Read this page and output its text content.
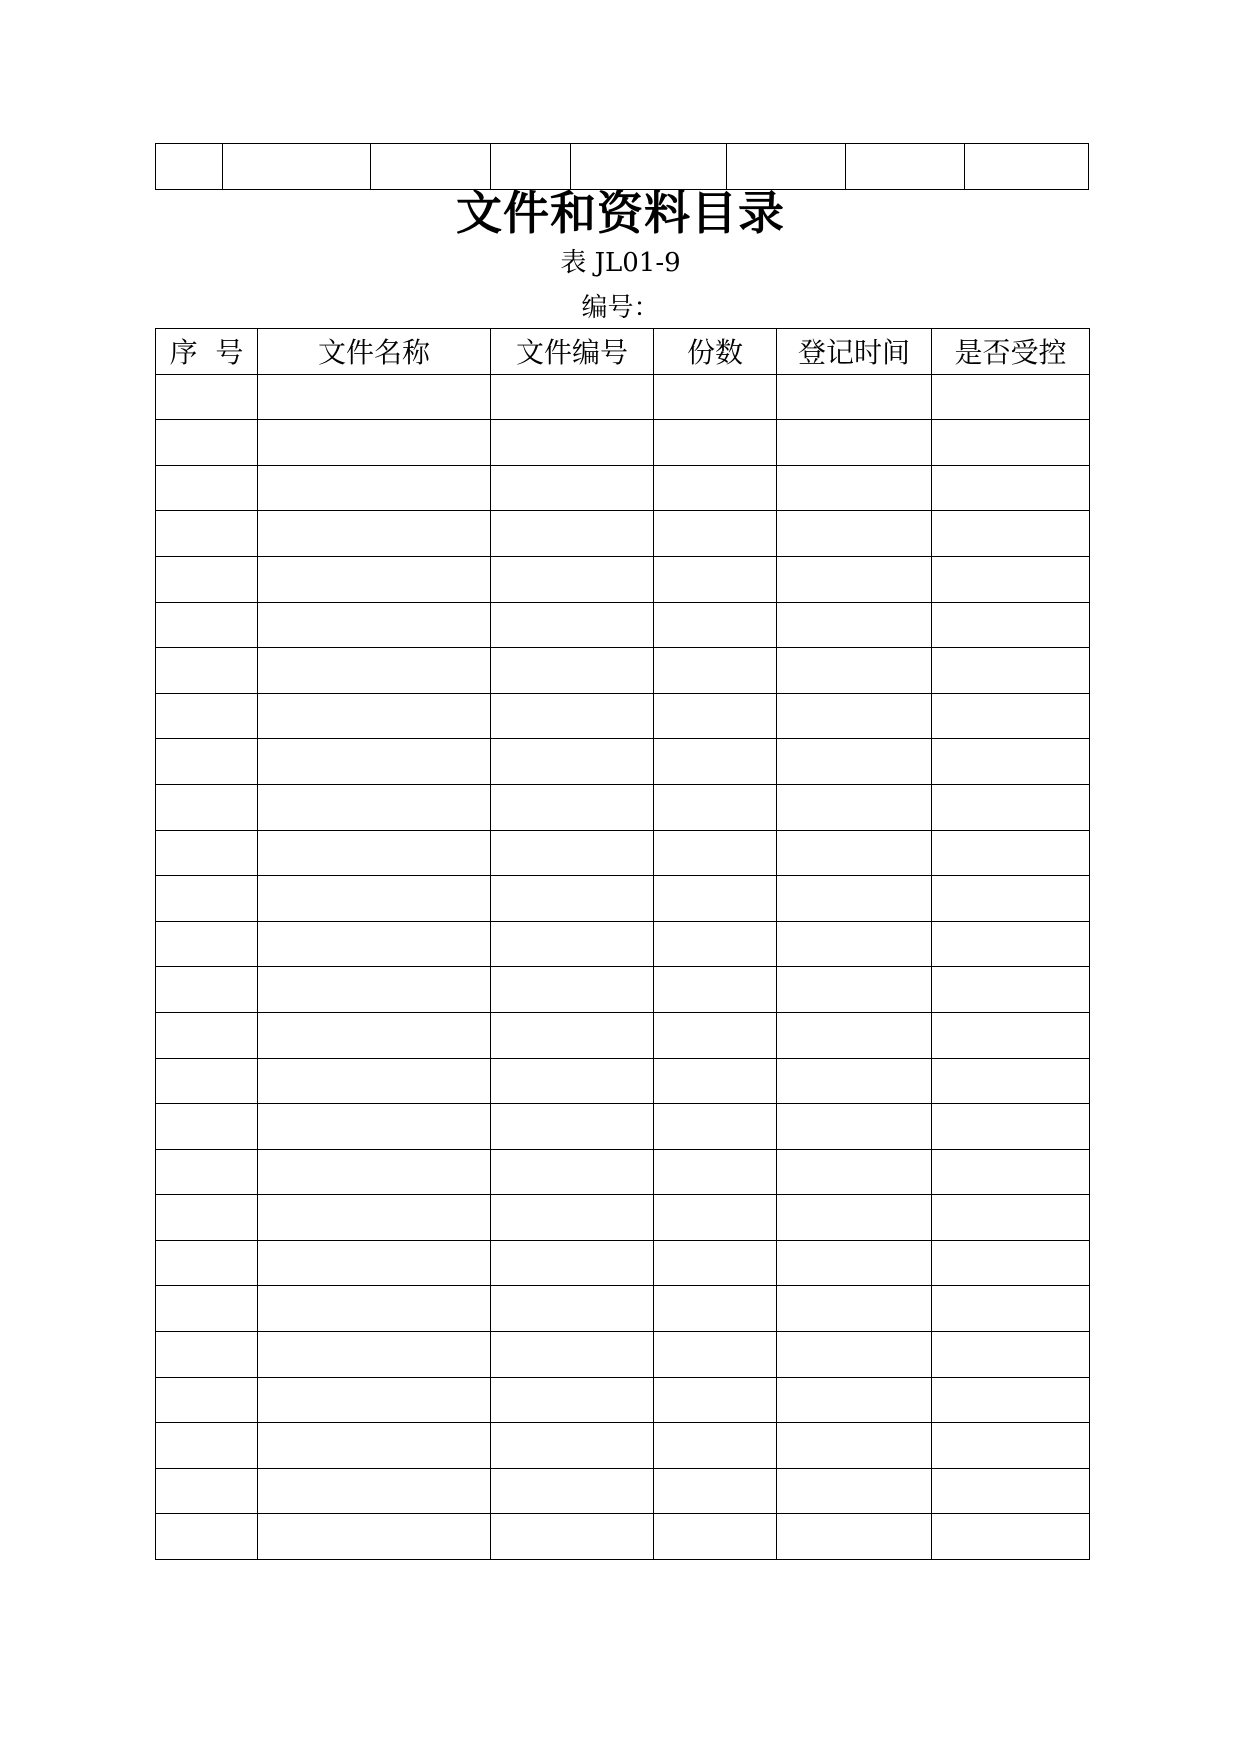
文件和资料目录
表 JL01-9
编号：
序  号	文件名称	文件编号	份数	登记时间	是否受控
